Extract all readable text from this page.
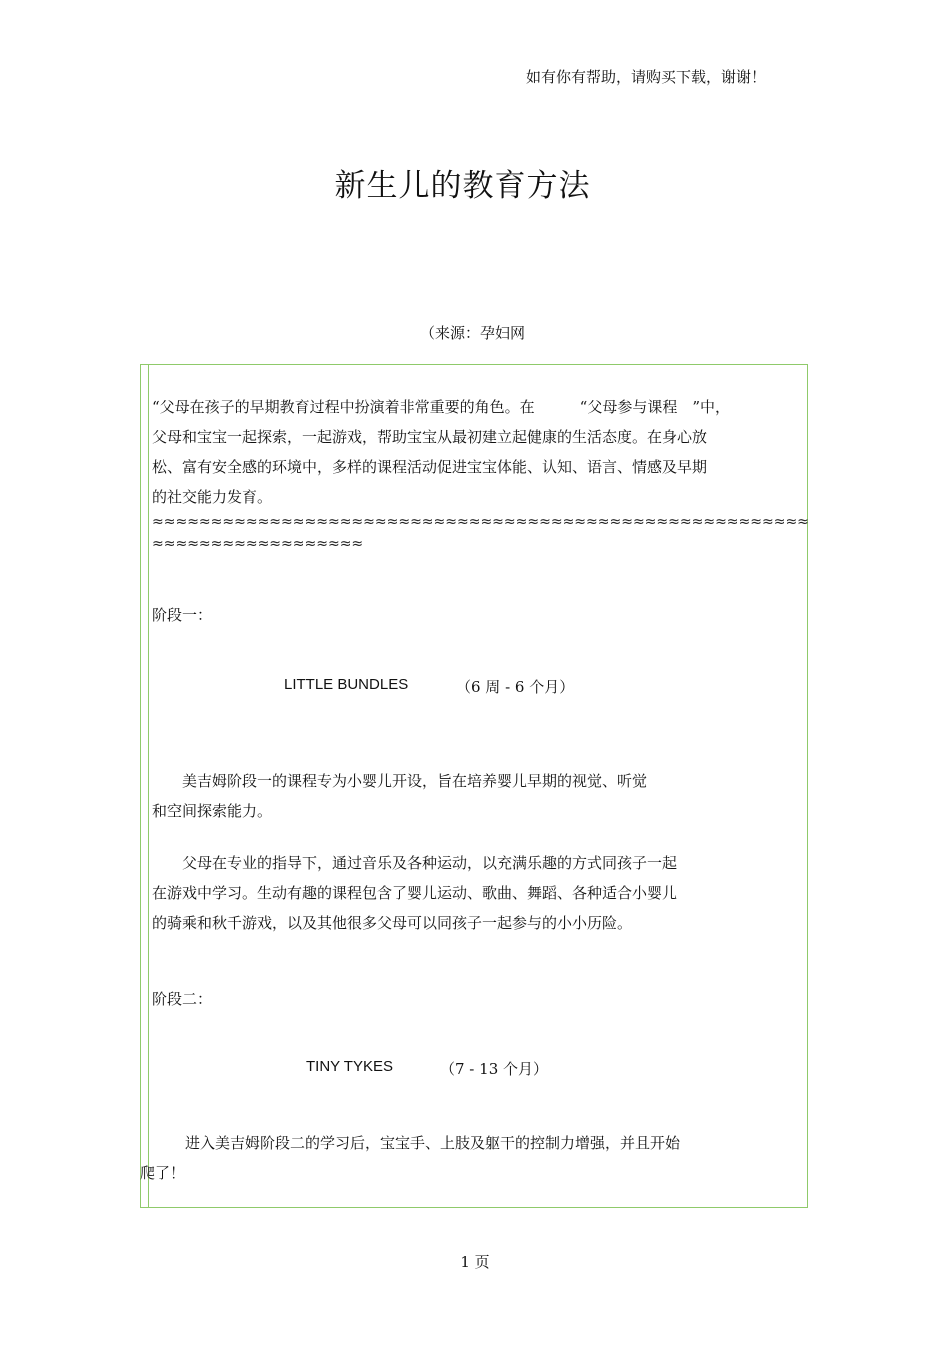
如有你有帮助，请购买下载，谢谢！
新生儿的教育方法
（来源：孕妇网
“父母在孩子的早期教育过程中扮演着非常重要的角色。在　　　“父母参与课程　”中，
父母和宝宝一起探索，一起游戏，帮助宝宝从最初建立起健康的生活态度。在身心放
松、富有安全感的环境中，多样的课程活动促进宝宝体能、认知、语言、情感及早期
的社交能力发育。
≈≈≈≈≈≈≈≈≈≈≈≈≈≈≈≈≈≈≈≈≈≈≈≈≈≈≈≈≈≈≈≈≈≈≈≈≈≈≈≈≈≈≈≈≈≈≈≈≈≈≈≈≈≈≈≈
≈≈≈≈≈≈≈≈≈≈≈≈≈≈≈≈≈≈
阶段一：
LITTLE BUNDLES	（6 周 - 6 个月）
　　美吉姆阶段一的课程专为小婴儿开设，旨在培养婴儿早期的视觉、听觉
和空间探索能力。
　　父母在专业的指导下，通过音乐及各种运动，以充满乐趣的方式同孩子一起
在游戏中学习。生动有趣的课程包含了婴儿运动、歌曲、舞蹈、各种适合小婴儿
的骑乘和秋千游戏，以及其他很多父母可以同孩子一起参与的小小历险。
阶段二：
TINY TYKES	（7 - 13 个月）
　　　进入美吉姆阶段二的学习后，宝宝手、上肢及躯干的控制力增强，并且开始
爬了！
1 页
